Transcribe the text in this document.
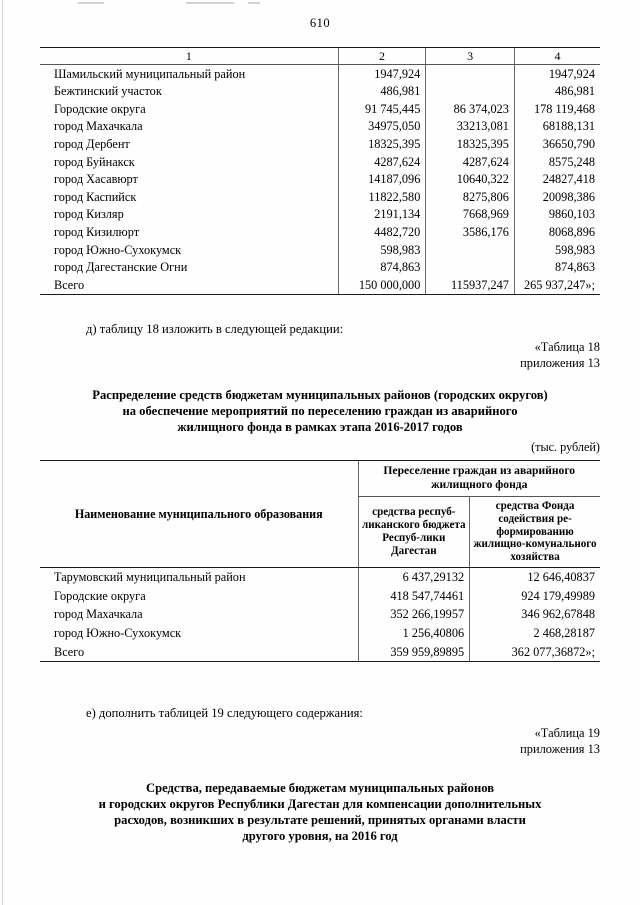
610
1	2	3	4
Шамильский муниципальный район	1947,924		1947,924
Бежтинский участок	486,981		486,981
Городские округа	91 745,445	86 374,023	178 119,468
город Махачкала	34975,050	33213,081	68188,131
город Дербент	18325,395	18325,395	36650,790
город Буйнакск	4287,624	4287,624	8575,248
город Хасавюрт	14187,096	10640,322	24827,418
город Каспийск	11822,580	8275,806	20098,386
город Кизляр	2191,134	7668,969	9860,103
город Кизилюрт	4482,720	3586,176	8068,896
город Южно-Сухокумск	598,983		598,983
город Дагестанские Огни	874,863		874,863
Всего	150 000,000	115937,247	265 937,247»;
д) таблицу 18 изложить в следующей редакции:
«Таблица 18
приложения 13
Распределение средств бюджетам муниципальных районов (городских округов)
на обеспечение мероприятий по переселению граждан из аварийного
жилищного фонда в рамках этапа 2016-2017 годов
(тыс. рублей)
Наименование муниципального образования	Переселение граждан из аварийного жилищного фонда	
	средства респуб-ликанского бюджета Респуб-лики Дагестан	средства Фонда содействия ре-формированию жилищно-комунального хозяйства
Тарумовский муниципальный район	6 437,29132	12 646,40837
Городские округа	418 547,74461	924 179,49989
город Махачкала	352 266,19957	346 962,67848
город Южно-Сухокумск	1 256,40806	2 468,28187
Всего	359 959,89895	362 077,36872»;
е) дополнить таблицей 19 следующего содержания:
«Таблица 19
приложения 13
Средства, передаваемые бюджетам муниципальных районов
и городских округов Республики Дагестан для компенсации дополнительных
расходов, возникших в результате решений, принятых органами власти
другого уровня, на 2016 год
